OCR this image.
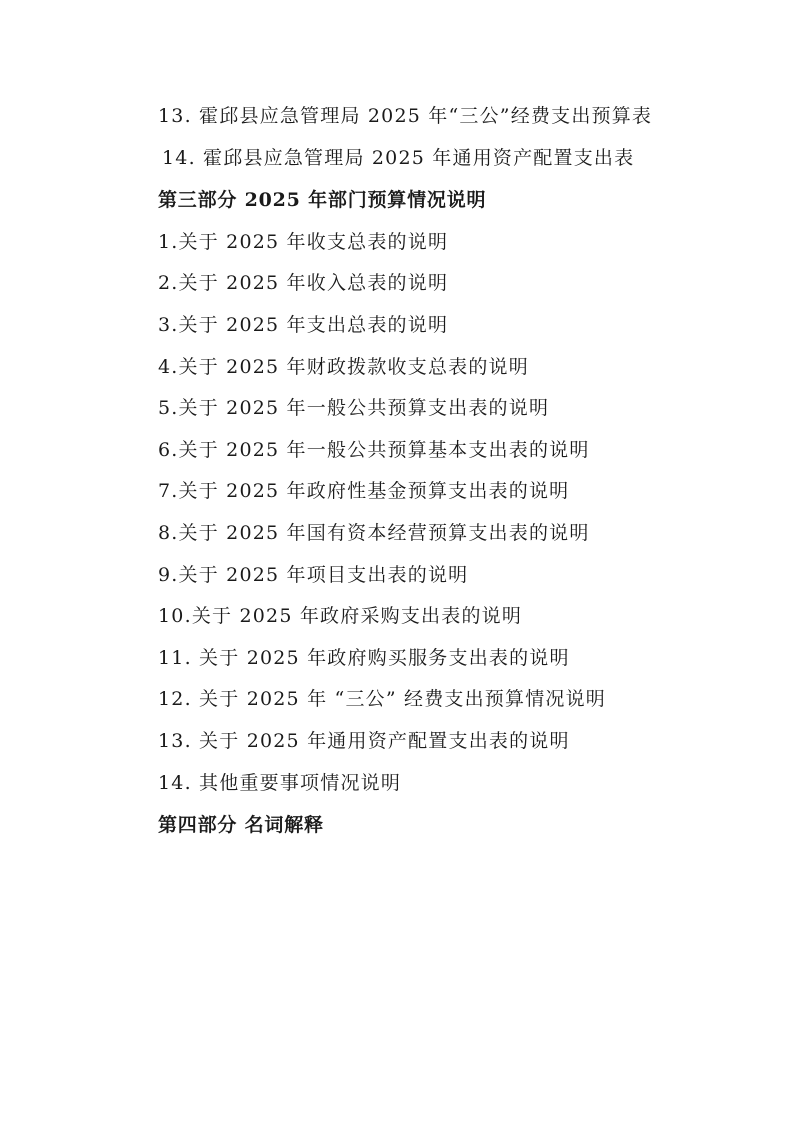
13. 霍邱县应急管理局 2025 年“三公”经费支出预算表
14. 霍邱县应急管理局 2025 年通用资产配置支出表
第三部分 2025 年部门预算情况说明
1.关于 2025 年收支总表的说明
2.关于 2025 年收入总表的说明
3.关于 2025 年支出总表的说明
4.关于 2025 年财政拨款收支总表的说明
5.关于 2025 年一般公共预算支出表的说明
6.关于 2025 年一般公共预算基本支出表的说明
7.关于 2025 年政府性基金预算支出表的说明
8.关于 2025 年国有资本经营预算支出表的说明
9.关于 2025 年项目支出表的说明
10.关于 2025 年政府采购支出表的说明
11. 关于 2025 年政府购买服务支出表的说明
12. 关于 2025 年 “三公” 经费支出预算情况说明
13. 关于 2025 年通用资产配置支出表的说明
14. 其他重要事项情况说明
第四部分 名词解释
